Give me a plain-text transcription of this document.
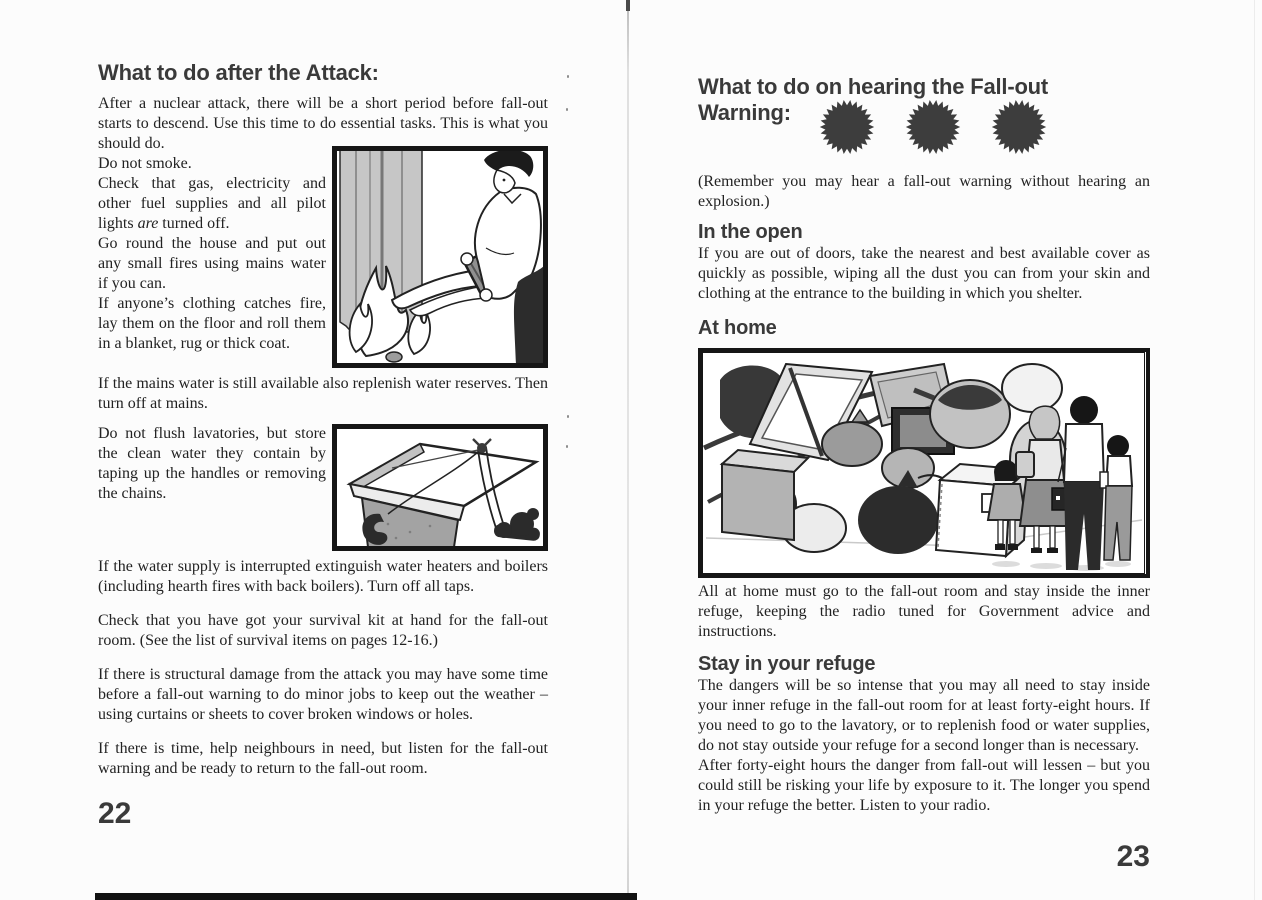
What to do after the Attack:

After a nuclear attack, there will be a short period before fall-out starts to descend. Use this time to do essential tasks. This is what you should do.

Do not smoke.

Check that gas, electricity and other fuel supplies and all pilot lights are turned off.

Go round the house and put out any small fires using mains water if you can.

If anyone’s clothing catches fire, lay them on the floor and roll them in a blanket, rug or thick coat.

If the mains water is still available also replenish water reserves. Then turn off at mains.

Do not flush lavatories, but store the clean water they contain by taping up the handles or removing the chains.

If the water supply is interrupted extinguish water heaters and boilers (including hearth fires with back boilers). Turn off all taps.

Check that you have got your survival kit at hand for the fall-out room. (See the list of survival items on pages 12-16.)

If there is structural damage from the attack you may have some time before a fall-out warning to do minor jobs to keep out the weather – using curtains or sheets to cover broken windows or holes.

If there is time, help neighbours in need, but listen for the fall-out warning and be ready to return to the fall-out room.

22
What to do on hearing the Fall-out
Warning:

(Remember you may hear a fall-out warning without hearing an explosion.)

In the open

If you are out of doors, take the nearest and best available cover as quickly as possible, wiping all the dust you can from your skin and clothing at the entrance to the building in which you shelter.

At home

All at home must go to the fall-out room and stay inside the inner refuge, keeping the radio tuned for Government advice and instructions.

Stay in your refuge

The dangers will be so intense that you may all need to stay inside your inner refuge in the fall-out room for at least forty-eight hours. If you need to go to the lavatory, or to replenish food or water supplies, do not stay outside your refuge for a second longer than is necessary.

After forty-eight hours the danger from fall-out will lessen – but you could still be risking your life by exposure to it. The longer you spend in your refuge the better. Listen to your radio.

23
